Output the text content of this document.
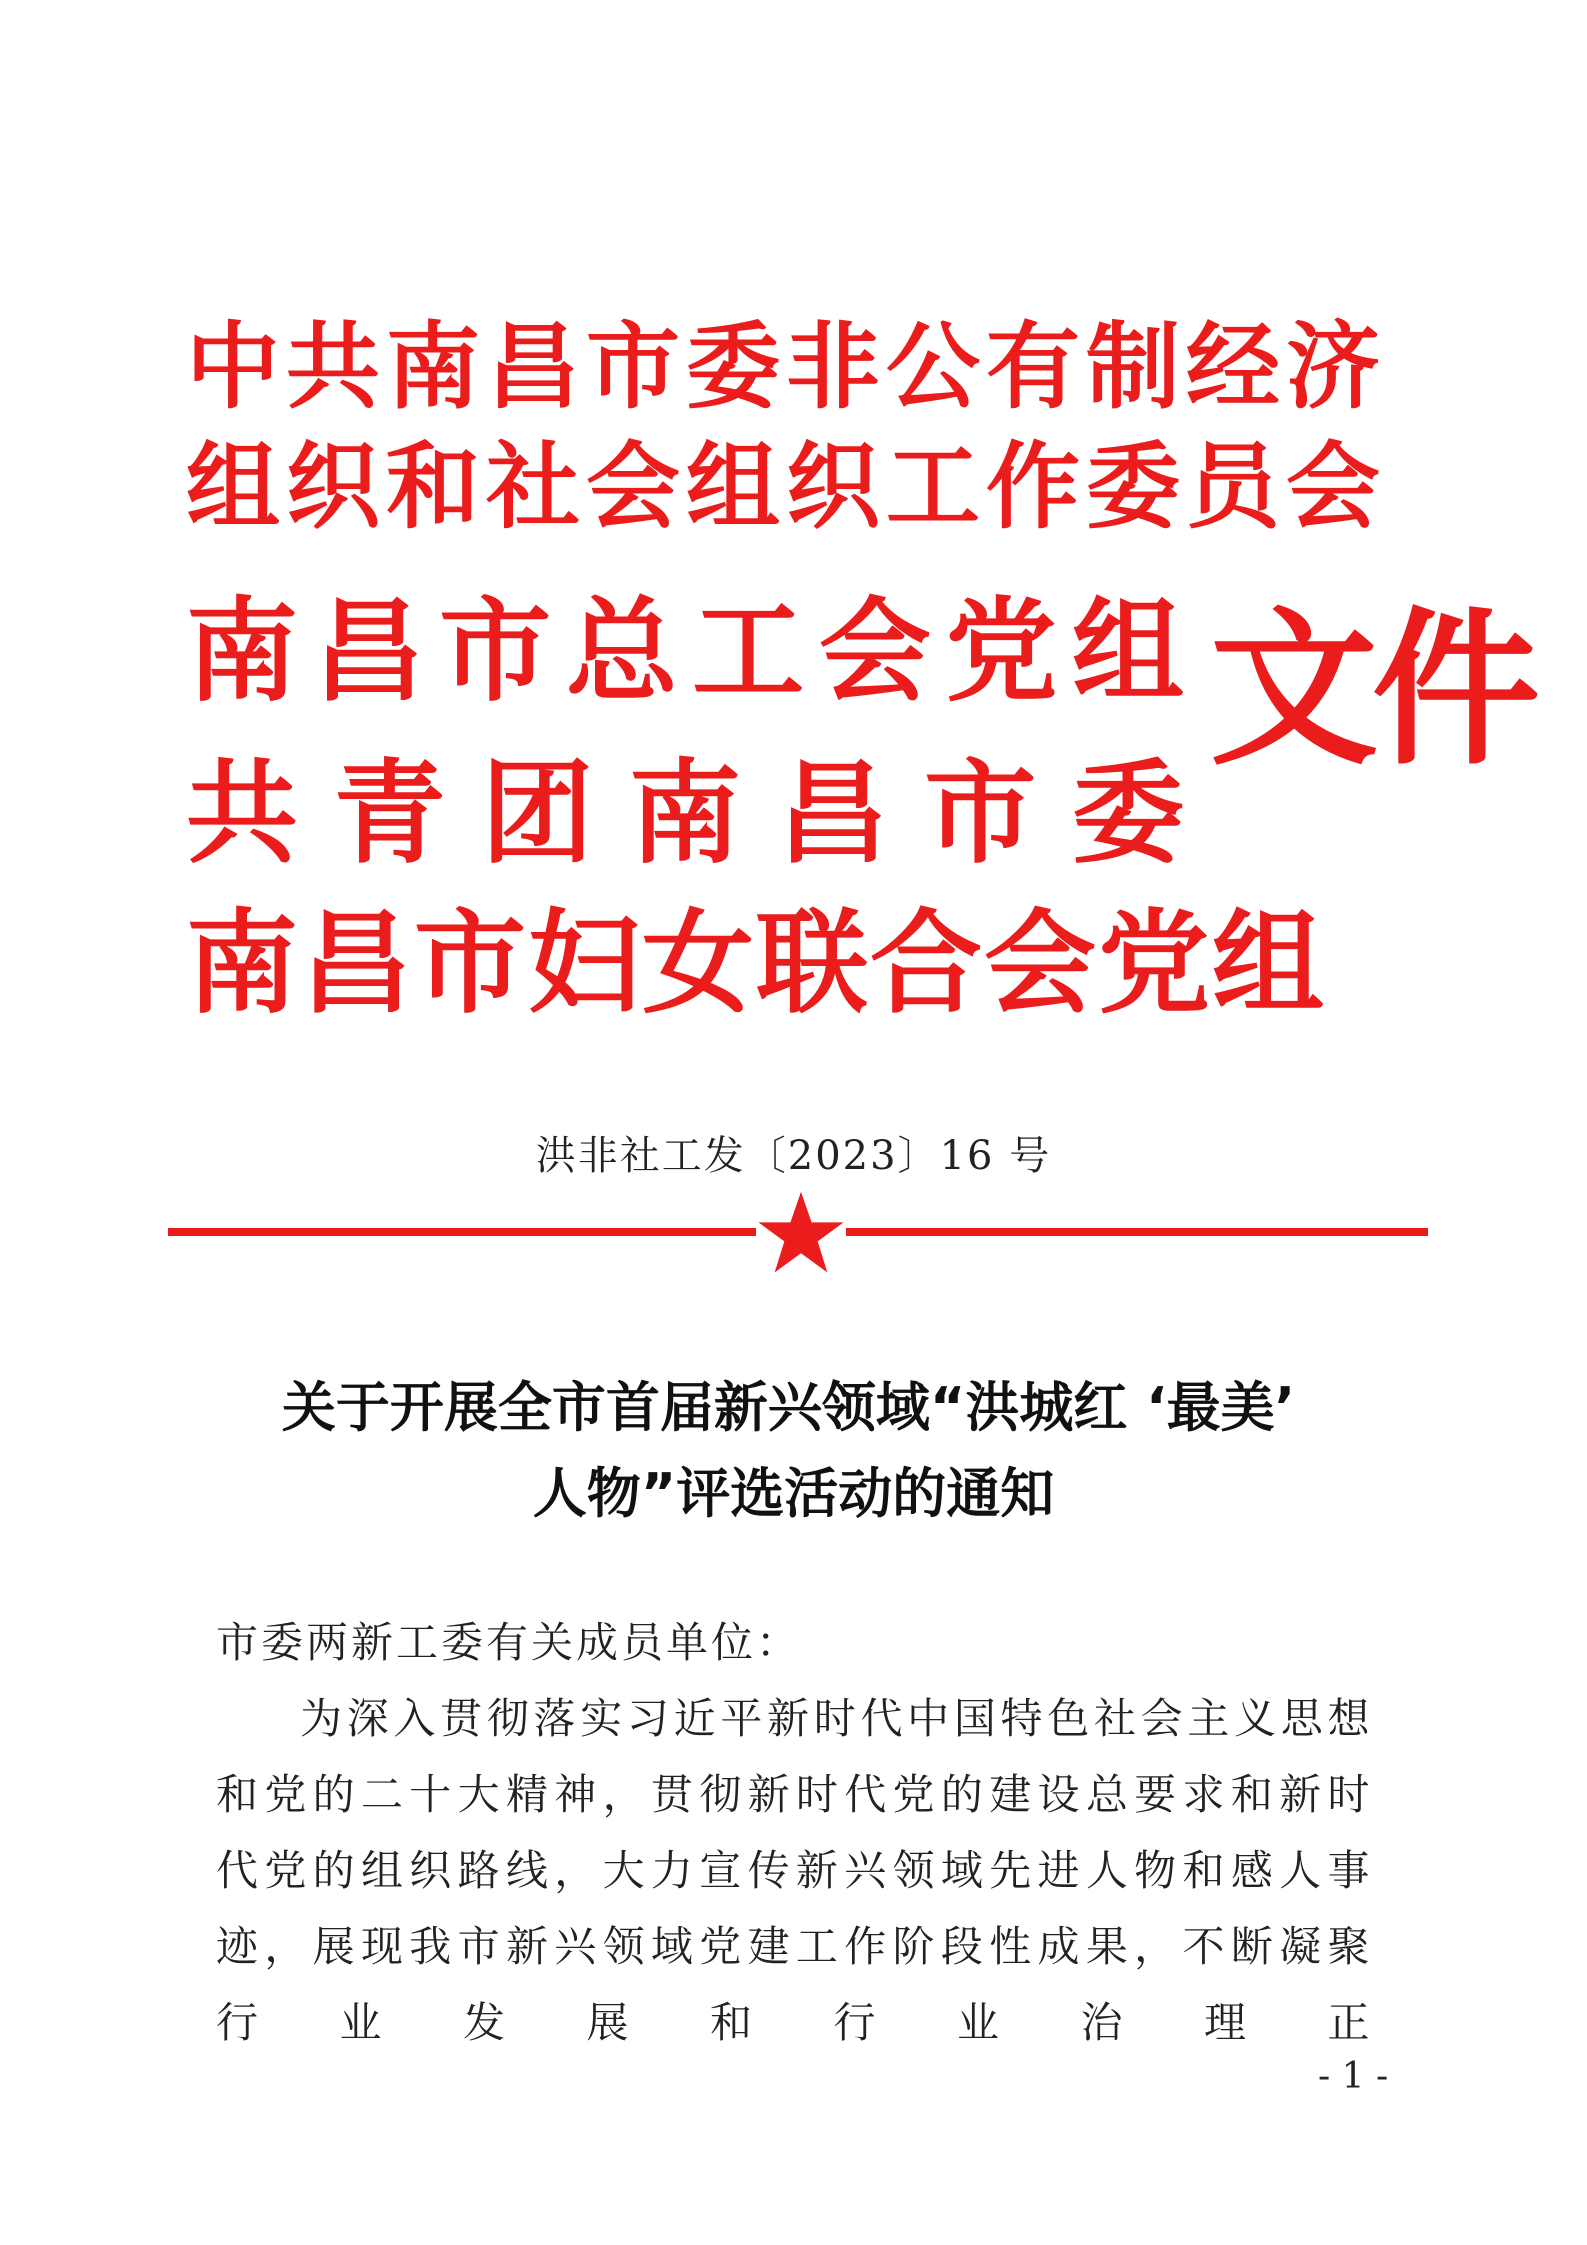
中共南昌市委非公有制经济
组织和社会组织工作委员会
南 昌 市 总 工 会 党 组
共 青 团 南 昌 市 委
南 昌 市 妇 女 联 合 会 党 组
文件
洪非社工发〔2023〕16 号
关于开展全市首届新兴领域“洪城红 ‘最美’
人物”评选活动的通知

市委两新工委有关成员单位：

为深入贯彻落实习近平新时代中国特色社会主义思想和党的二十大精神，贯彻新时代党的建设总要求和新时代党的组织路线，大力宣传新兴领域先进人物和感人事迹，展现我市新兴领域党建工作阶段性成果，不断凝聚行业发展和行业治理正

- 1 -
